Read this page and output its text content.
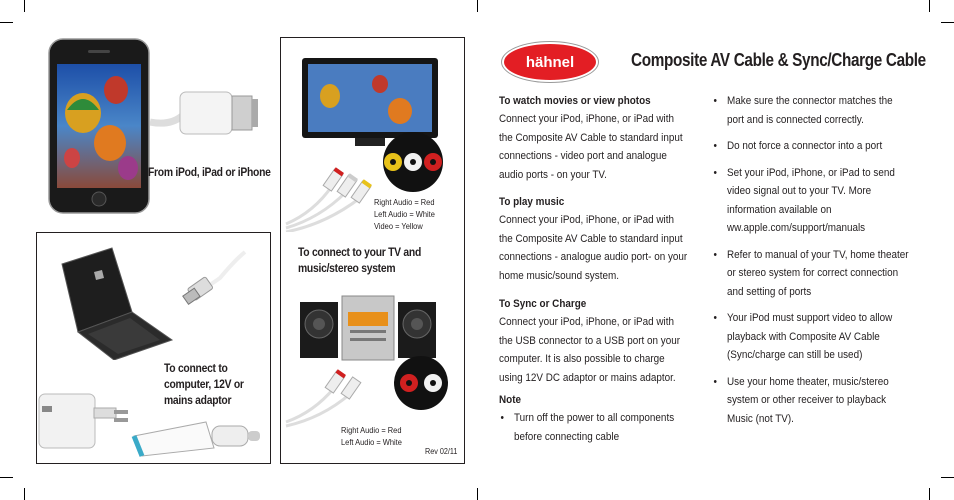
From iPod, iPad or iPhone
To connect to computer, 12V or mains adaptor
Right Audio = Red
Left Audio = White
Video = Yellow
To connect to your TV and music/stereo system
Right Audio = Red
Left Audio = White
Rev 02/11
hähnel	Composite AV Cable & Sync/Charge Cable
To watch movies or view photos
Connect your iPod, iPhone, or iPad with the Composite AV Cable to standard input connections - video port and analogue audio ports - on your TV.
To play music
Connect your iPod, iPhone, or iPad with the Composite AV Cable to standard input connections - analogue audio port- on your home music/sound system.
To Sync or Charge
Connect your iPod, iPhone, or iPad with the USB connector to a USB port on your computer. It is also possible to charge using 12V DC adaptor or mains adaptor.
Note
• Turn off the power to all components before connecting cable
• Make sure the connector matches the port and is connected correctly.
• Do not force a connector into a port
• Set your iPod, iPhone, or iPad to send video signal out to your TV. More information available on ww.apple.com/support/manuals
• Refer to manual of your TV, home theater or stereo system for correct connection and setting of ports
• Your iPod must support video to allow playback with Composite AV Cable (Sync/charge can still be used)
• Use your home theater, music/stereo system or other receiver to playback Music (not TV).
